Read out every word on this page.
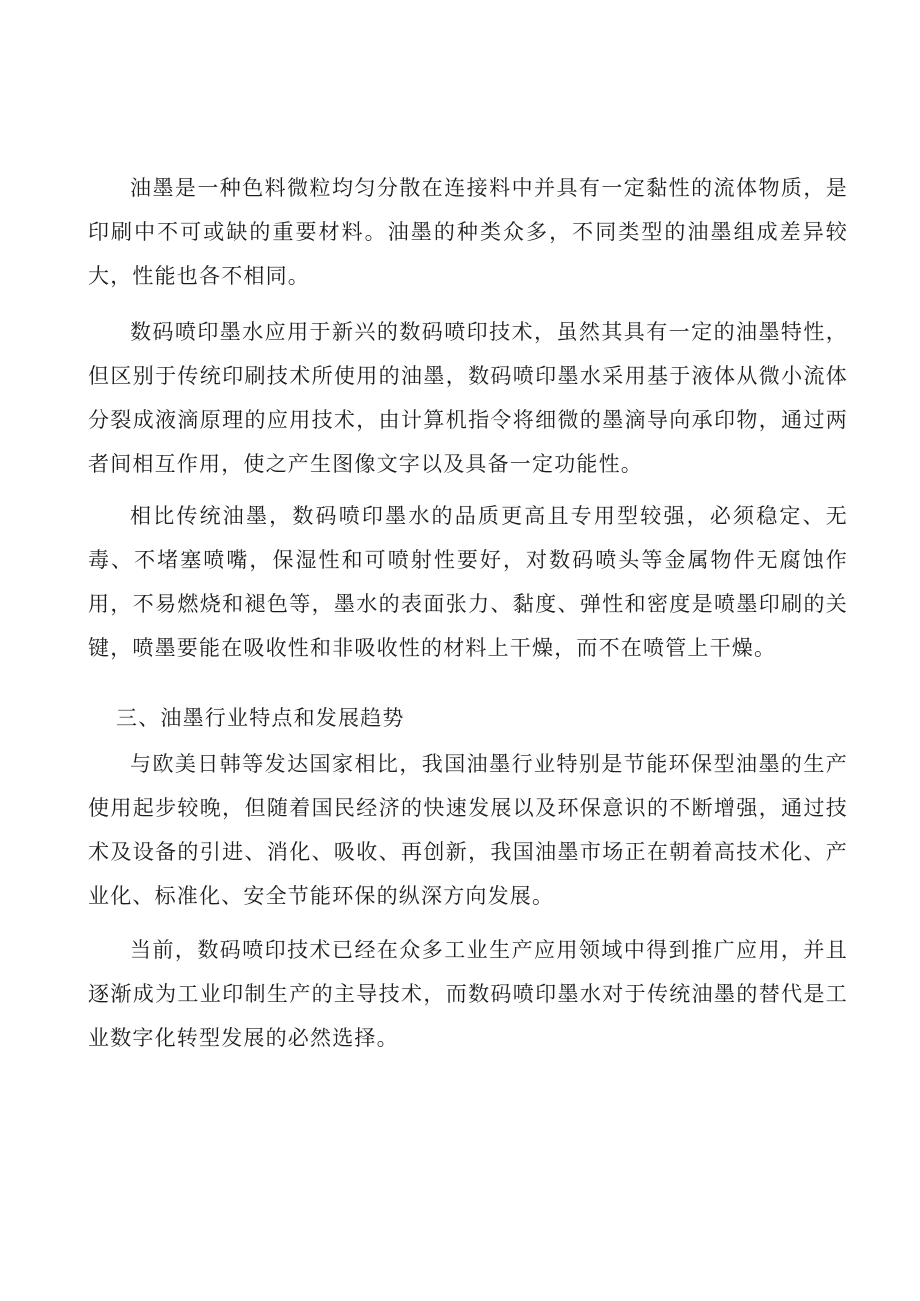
油墨是一种色料微粒均匀分散在连接料中并具有一定黏性的流体物质，是印刷中不可或缺的重要材料。油墨的种类众多，不同类型的油墨组成差异较大，性能也各不相同。

数码喷印墨水应用于新兴的数码喷印技术，虽然其具有一定的油墨特性，但区别于传统印刷技术所使用的油墨，数码喷印墨水采用基于液体从微小流体分裂成液滴原理的应用技术，由计算机指令将细微的墨滴导向承印物，通过两者间相互作用，使之产生图像文字以及具备一定功能性。

相比传统油墨，数码喷印墨水的品质更高且专用型较强，必须稳定、无毒、不堵塞喷嘴，保湿性和可喷射性要好，对数码喷头等金属物件无腐蚀作用，不易燃烧和褪色等，墨水的表面张力、黏度、弹性和密度是喷墨印刷的关键，喷墨要能在吸收性和非吸收性的材料上干燥，而不在喷管上干燥。

三、油墨行业特点和发展趋势

与欧美日韩等发达国家相比，我国油墨行业特别是节能环保型油墨的生产使用起步较晚，但随着国民经济的快速发展以及环保意识的不断增强，通过技术及设备的引进、消化、吸收、再创新，我国油墨市场正在朝着高技术化、产业化、标准化、安全节能环保的纵深方向发展。

当前，数码喷印技术已经在众多工业生产应用领域中得到推广应用，并且逐渐成为工业印制生产的主导技术，而数码喷印墨水对于传统油墨的替代是工业数字化转型发展的必然选择。
